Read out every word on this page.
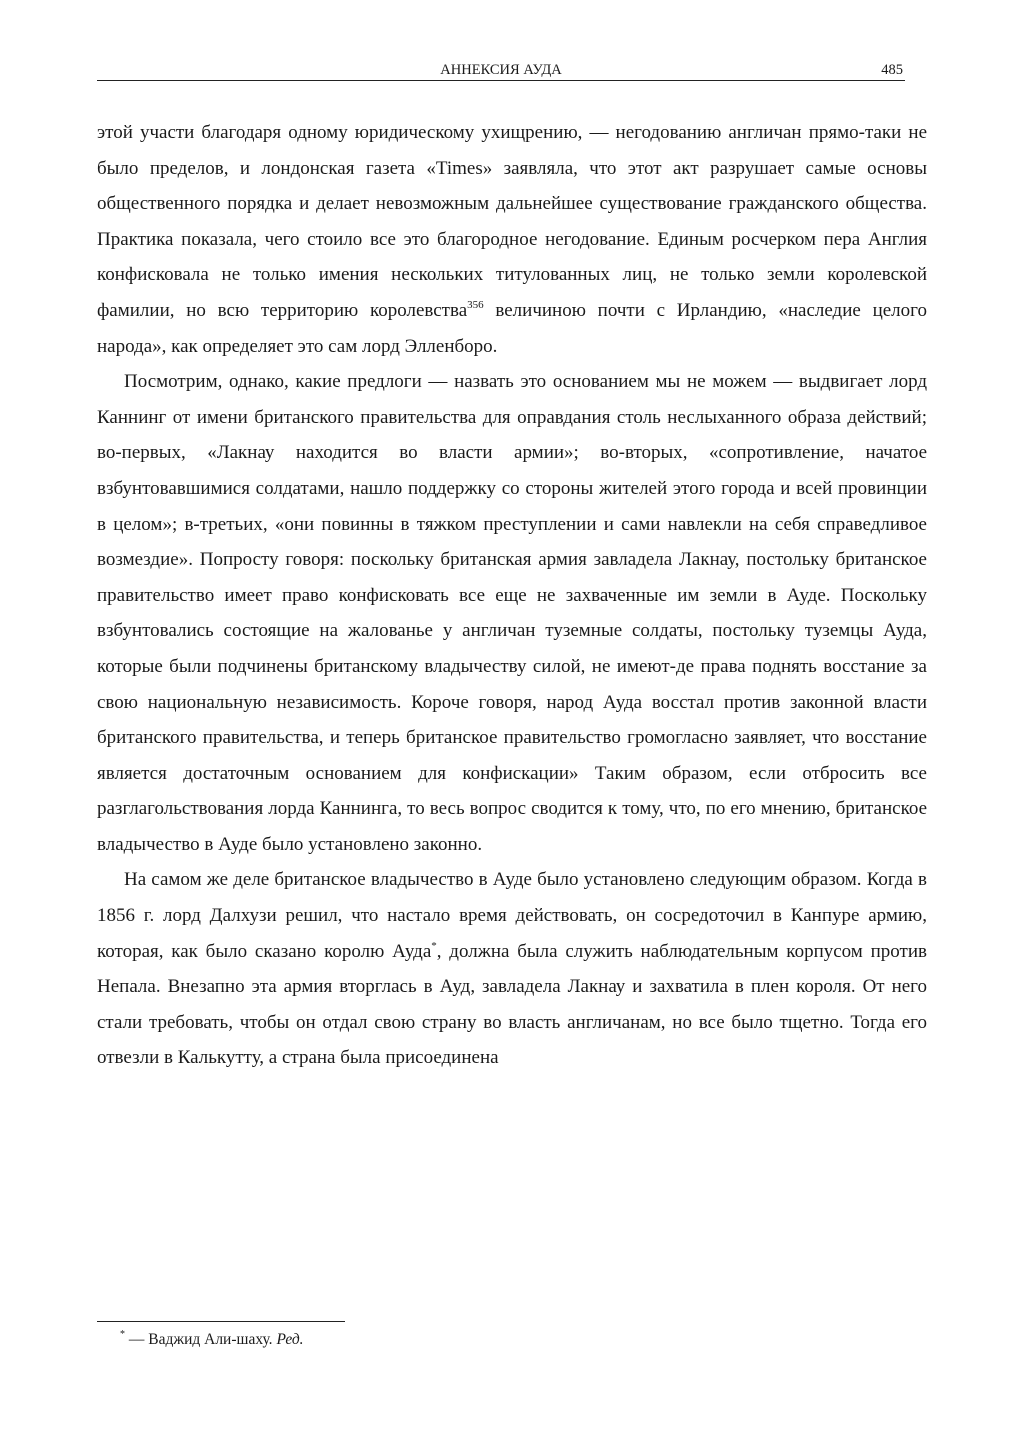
АННЕКСИЯ АУДА	485

этой участи благодаря одному юридическому ухищрению, — негодованию англичан прямо-таки не было пределов, и лондонская газета «Times» заявляла, что этот акт разрушает самые основы общественного порядка и делает невозможным дальнейшее существование гражданского общества. Практика показала, чего стоило все это благородное негодование. Единым росчерком пера Англия конфисковала не только имения нескольких титулованных лиц, не только земли королевской фамилии, но всю территорию королевства$^{356}$ величиною почти с Ирландию, «наследие целого народа», как определяет это сам лорд Элленборо.

Посмотрим, однако, какие предлоги — назвать это основанием мы не можем — выдвигает лорд Каннинг от имени британского правительства для оправдания столь неслыханного образа действий; во-первых, «Лакнау находится во власти армии»; во-вторых, «сопротивление, начатое взбунтовавшимися солдатами, нашло поддержку со стороны жителей этого города и всей провинции в целом»; в-третьих, «они повинны в тяжком преступлении и сами навлекли на себя справедливое возмездие». Попросту говоря: поскольку британская армия завладела Лакнау, постольку британское правительство имеет право конфисковать все еще не захваченные им земли в Ауде. Поскольку взбунтовались состоящие на жалованье у англичан туземные солдаты, постольку туземцы Ауда, которые были подчинены британскому владычеству силой, не имеют-де права поднять восстание за свою национальную независимость. Короче говоря, народ Ауда восстал против законной власти британского правительства, и теперь британское правительство громогласно заявляет, что восстание является достаточным основанием для конфискации» Таким образом, если отбросить все разглагольствования лорда Каннинга, то весь вопрос сводится к тому, что, по его мнению, британское владычество в Ауде было установлено законно.

На самом же деле британское владычество в Ауде было установлено следующим образом. Когда в 1856 г. лорд Далхузи решил, что настало время действовать, он сосредоточил в Канпуре армию, которая, как было сказано королю Ауда*, должна была служить наблюдательным корпусом против Непала. Внезапно эта армия вторглась в Ауд, завладела Лакнау и захватила в плен короля. От него стали требовать, чтобы он отдал свою страну во власть англичанам, но все было тщетно. Тогда его отвезли в Калькутту, а страна была присоединена

* — Ваджид Али-шаху. Ред.
